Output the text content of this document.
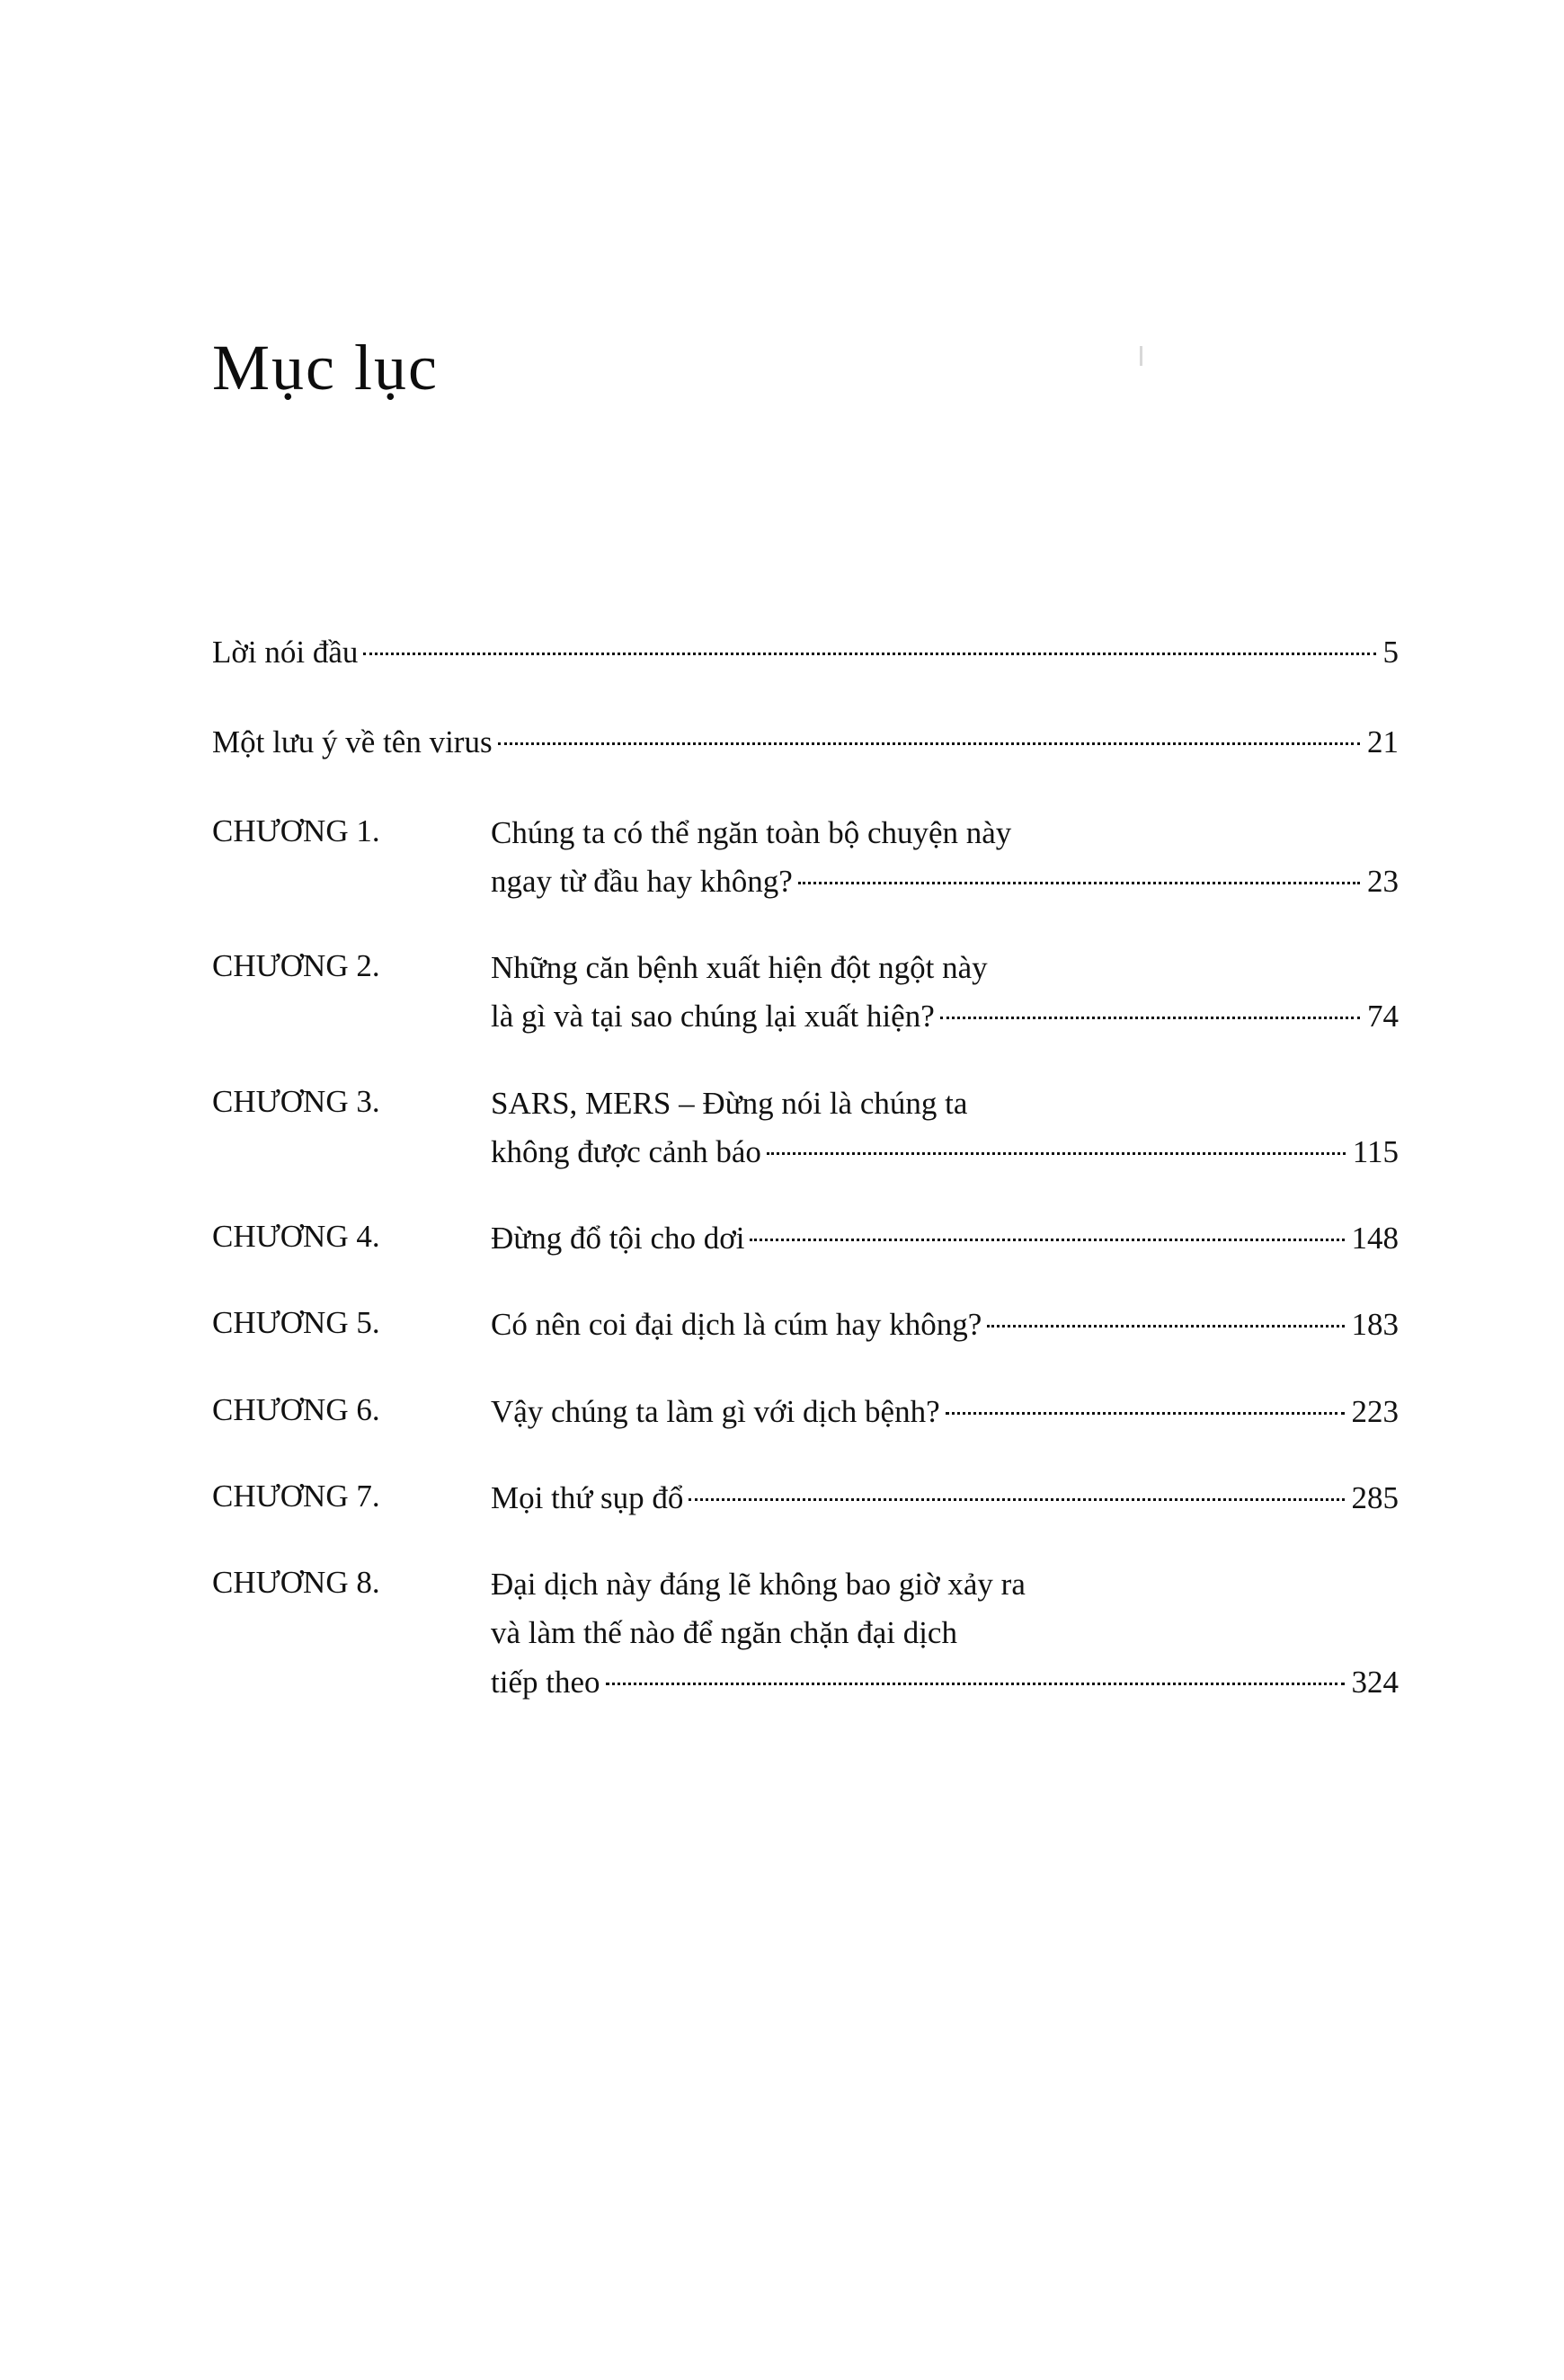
Mục lục
Lời nói đầu	5
Một lưu ý về tên virus	21
CHƯƠNG 1.	Chúng ta có thể ngăn toàn bộ chuyện này
ngay từ đầu hay không?	23
CHƯƠNG 2.	Những căn bệnh xuất hiện đột ngột này
là gì và tại sao chúng lại xuất hiện?	74
CHƯƠNG 3.	SARS, MERS – Đừng nói là chúng ta
không được cảnh báo	115
CHƯƠNG 4.	Đừng đổ tội cho dơi	148
CHƯƠNG 5.	Có nên coi đại dịch là cúm hay không?	183
CHƯƠNG 6.	Vậy chúng ta làm gì với dịch bệnh?	223
CHƯƠNG 7.	Mọi thứ sụp đổ	285
CHƯƠNG 8.	Đại dịch này đáng lẽ không bao giờ xảy ra
và làm thế nào để ngăn chặn đại dịch
tiếp theo	324
